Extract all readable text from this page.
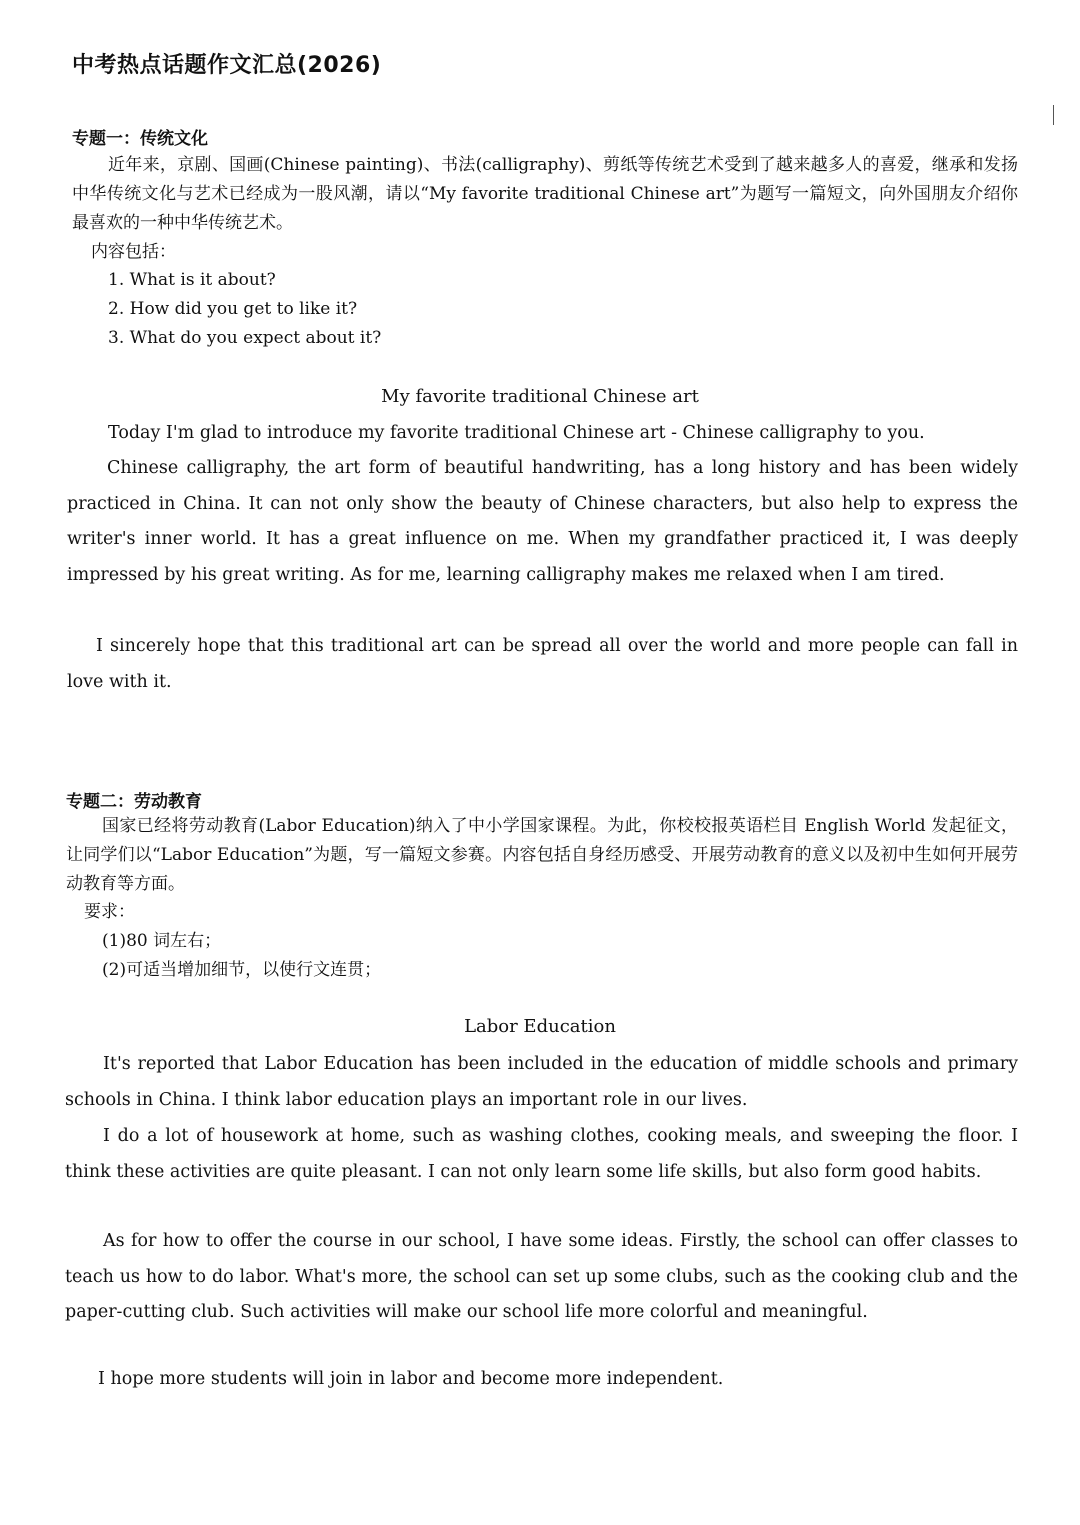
中考热点话题作文汇总(2026)
专题一：传统文化
近年来，京剧、国画(Chinese painting)、书法(calligraphy)、剪纸等传统艺术受到了越来越多人的喜爱，继承和发扬中华传统文化与艺术已经成为一股风潮，请以“My favorite traditional Chinese art”为题写一篇短文，向外国朋友介绍你最喜欢的一种中华传统艺术。
内容包括：
1. What is it about?
2. How did you get to like it?
3. What do you expect about it?
My favorite traditional Chinese art
Today I'm glad to introduce my favorite traditional Chinese art - Chinese calligraphy to you.
Chinese calligraphy, the art form of beautiful handwriting, has a long history and has been widely practiced in China. It can not only show the beauty of Chinese characters, but also help to express the writer's inner world. It has a great influence on me. When my grandfather practiced it, I was deeply impressed by his great writing. As for me, learning calligraphy makes me relaxed when I am tired.
I sincerely hope that this traditional art can be spread all over the world and more people can fall in love with it.
专题二：劳动教育
国家已经将劳动教育(Labor Education)纳入了中小学国家课程。为此，你校校报英语栏目 English World 发起征文，让同学们以“Labor Education”为题，写一篇短文参赛。内容包括自身经历感受、开展劳动教育的意义以及初中生如何开展劳动教育等方面。
要求：
(1)80 词左右；
(2)可适当增加细节，以使行文连贯；
Labor Education
It's reported that Labor Education has been included in the education of middle schools and primary schools in China. I think labor education plays an important role in our lives.
I do a lot of housework at home, such as washing clothes, cooking meals, and sweeping the floor. I think these activities are quite pleasant. I can not only learn some life skills, but also form good habits.
As for how to offer the course in our school, I have some ideas. Firstly, the school can offer classes to teach us how to do labor. What's more, the school can set up some clubs, such as the cooking club and the paper-cutting club. Such activities will make our school life more colorful and meaningful.
I hope more students will join in labor and become more independent.
